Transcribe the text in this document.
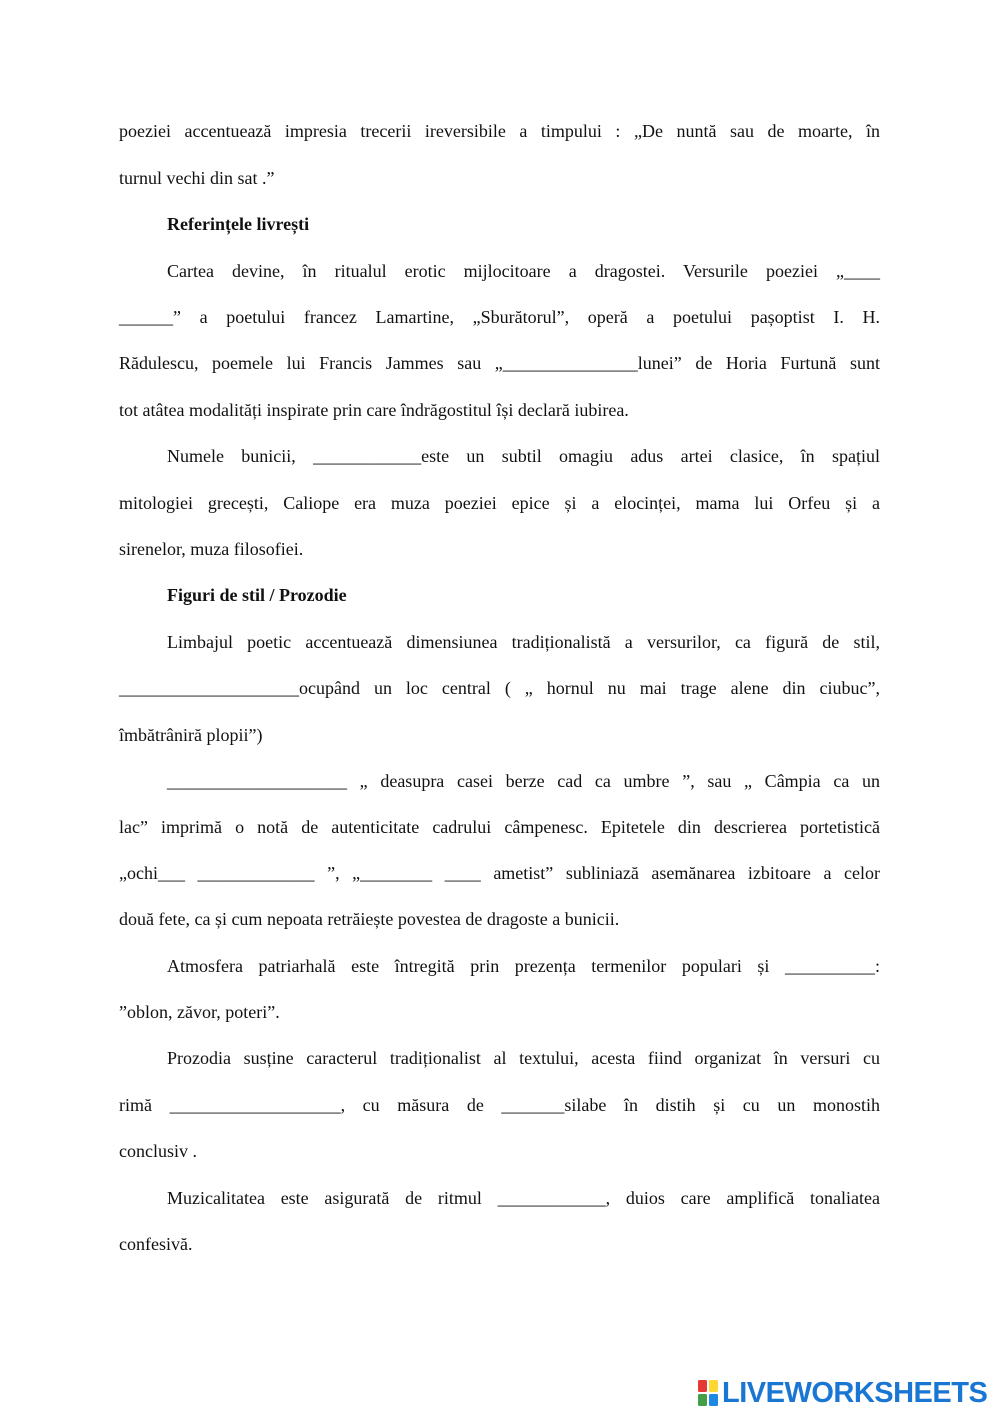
poeziei accentuează impresia trecerii ireversibile a timpului : „De nuntă sau de moarte, în
turnul vechi din sat .”
Referințele livrești
Cartea devine, în ritualul erotic mijlocitoare a dragostei. Versurile poeziei „____
______” a poetului francez Lamartine, „Sburătorul”, operă a poetului pașoptist I. H.
Rădulescu, poemele lui Francis Jammes sau „_______________lunei” de Horia Furtună sunt
tot atâtea modalități inspirate prin care îndrăgostitul își declară iubirea.
Numele bunicii, ____________este un subtil omagiu adus artei clasice, în spațiul
mitologiei grecești, Caliope era muza poeziei epice și a elocinței, mama lui Orfeu și a
sirenelor, muza filosofiei.
Figuri de stil / Prozodie
Limbajul poetic accentuează dimensiunea tradiționalistă a versurilor, ca figură de stil,
____________________ocupând un loc central ( „ hornul nu mai trage alene din ciubuc”,
îmbătrâniră plopii”)
____________________ „ deasupra casei berze cad ca umbre ”, sau „ Câmpia ca un
lac” imprimă o notă de autenticitate cadrului câmpenesc. Epitetele din descrierea portetistică
„ochi___ _____________ ”, „________ ____ ametist” subliniază asemănarea izbitoare a celor
două fete, ca și cum nepoata retrăiește povestea de dragoste a bunicii.
Atmosfera patriarhală este întregită prin prezența termenilor populari și __________:
”oblon, zăvor, poteri”.
Prozodia susține caracterul tradiționalist al textului, acesta fiind organizat în versuri cu
rimă ___________________, cu măsura de _______silabe în distih și cu un monostih
conclusiv .
Muzicalitatea este asigurată de ritmul ____________, duios care amplifică tonaliatea
confesivă.
LIVEWORKSHEETS
